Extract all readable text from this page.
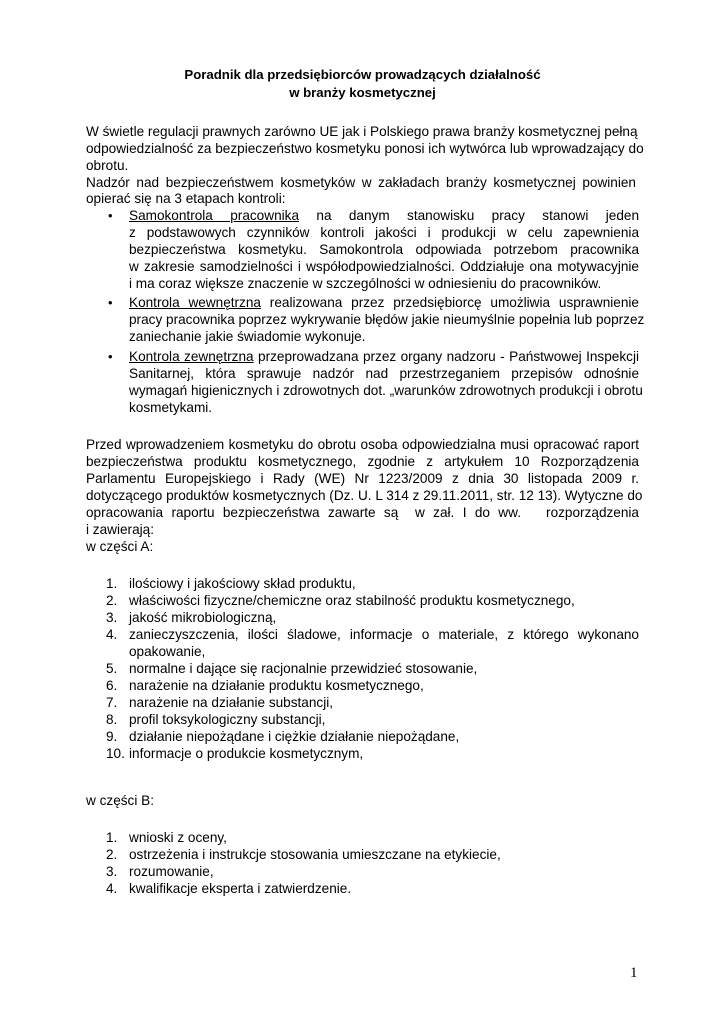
Poradnik dla przedsiębiorców prowadzących działalność
w branży kosmetycznej
W świetle regulacji prawnych zarówno UE jak i Polskiego prawa branży kosmetycznej pełną
odpowiedzialność za bezpieczeństwo kosmetyku ponosi ich wytwórca lub wprowadzający do
obrotu.
Nadzór nad bezpieczeństwem kosmetyków w zakładach branży kosmetycznej powinien
opierać się na 3 etapach kontroli:
• Samokontrola pracownika na danym stanowisku pracy stanowi jeden
z podstawowych czynników kontroli jakości i produkcji w celu zapewnienia
bezpieczeństwa kosmetyku. Samokontrola odpowiada potrzebom pracownika
w zakresie samodzielności i współodpowiedzialności. Oddziałuje ona motywacyjnie
i ma coraz większe znaczenie w szczególności w odniesieniu do pracowników.
• Kontrola wewnętrzna realizowana przez przedsiębiorcę umożliwia usprawnienie
pracy pracownika poprzez wykrywanie błędów jakie nieumyślnie popełnia lub poprzez
zaniechanie jakie świadomie wykonuje.
• Kontrola zewnętrzna przeprowadzana przez organy nadzoru - Państwowej Inspekcji
Sanitarnej, która sprawuje nadzór nad przestrzeganiem przepisów odnośnie
wymagań higienicznych i zdrowotnych dot. „warunków zdrowotnych produkcji i obrotu
kosmetykami.
Przed wprowadzeniem kosmetyku do obrotu osoba odpowiedzialna musi opracować raport
bezpieczeństwa produktu kosmetycznego, zgodnie z artykułem 10 Rozporządzenia
Parlamentu Europejskiego i Rady (WE) Nr 1223/2009 z dnia 30 listopada 2009 r.
dotyczącego produktów kosmetycznych (Dz. U. L 314 z 29.11.2011, str. 12 13). Wytyczne do
opracowania raportu bezpieczeństwa zawarte są  w zał. I do ww.   rozporządzenia
i zawierają:
w części A:
1. ilościowy i jakościowy skład produktu,
2. właściwości fizyczne/chemiczne oraz stabilność produktu kosmetycznego,
3. jakość mikrobiologiczną,
4. zanieczyszczenia, ilości śladowe, informacje o materiale, z którego wykonano
opakowanie,
5. normalne i dające się racjonalnie przewidzieć stosowanie,
6. narażenie na działanie produktu kosmetycznego,
7. narażenie na działanie substancji,
8. profil toksykologiczny substancji,
9. działanie niepożądane i ciężkie działanie niepożądane,
10. informacje o produkcie kosmetycznym,
w części B:
1. wnioski z oceny,
2. ostrzeżenia i instrukcje stosowania umieszczane na etykiecie,
3. rozumowanie,
4. kwalifikacje eksperta i zatwierdzenie.
1
